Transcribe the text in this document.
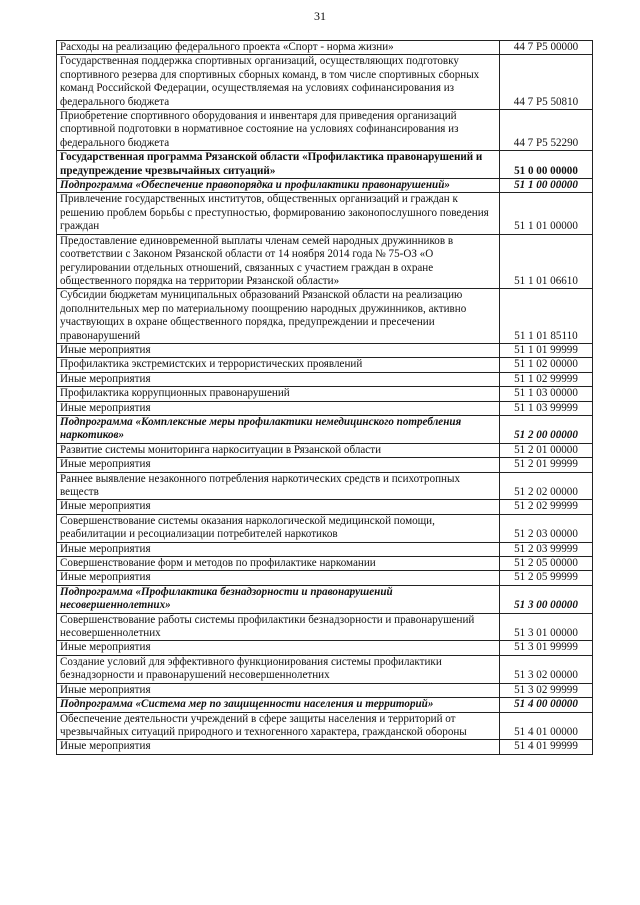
31
Расходы на реализацию федерального проекта «Спорт - норма жизни»	44 7 P5 00000
Государственная поддержка спортивных организаций, осуществляющих подготовку спортивного резерва для спортивных сборных команд, в том числе спортивных сборных команд Российской Федерации, осуществляемая на условиях софинансирования из федерального бюджета	44 7 P5 50810
Приобретение спортивного оборудования и инвентаря для приведения организаций спортивной подготовки в нормативное состояние на условиях софинансирования из федерального бюджета	44 7 P5 52290
Государственная программа Рязанской области «Профилактика правонарушений и предупреждение чрезвычайных ситуаций»	51 0 00 00000
Подпрограмма «Обеспечение правопорядка и профилактики правонарушений»	51 1 00 00000
Привлечение государственных институтов, общественных организаций и граждан к решению проблем борьбы с преступностью, формированию законопослушного поведения граждан	51 1 01 00000
Предоставление единовременной выплаты членам семей народных дружинников в соответствии с Законом Рязанской области от 14 ноября 2014 года № 75-ОЗ «О регулировании отдельных отношений, связанных с участием граждан в охране общественного порядка на территории Рязанской области»	51 1 01 06610
Субсидии бюджетам муниципальных образований Рязанской области на реализацию дополнительных мер по материальному поощрению народных дружинников, активно участвующих в охране общественного порядка, предупреждении и пресечении правонарушений	51 1 01 85110
Иные мероприятия	51 1 01 99999
Профилактика экстремистских и террористических проявлений	51 1 02 00000
Иные мероприятия	51 1 02 99999
Профилактика коррупционных правонарушений	51 1 03 00000
Иные мероприятия	51 1 03 99999
Подпрограмма «Комплексные меры профилактики немедицинского потребления наркотиков»	51 2 00 00000
Развитие системы мониторинга наркоситуации в Рязанской области	51 2 01 00000
Иные мероприятия	51 2 01 99999
Раннее выявление незаконного потребления наркотических средств и психотропных веществ	51 2 02 00000
Иные мероприятия	51 2 02 99999
Совершенствование системы оказания наркологической медицинской помощи, реабилитации и ресоциализации потребителей наркотиков	51 2 03 00000
Иные мероприятия	51 2 03 99999
Совершенствование форм и методов по профилактике наркомании	51 2 05 00000
Иные мероприятия	51 2 05 99999
Подпрограмма «Профилактика безнадзорности и правонарушений несовершеннолетних»	51 3 00 00000
Совершенствование работы системы профилактики безнадзорности и правонарушений несовершеннолетних	51 3 01 00000
Иные мероприятия	51 3 01 99999
Создание условий для эффективного функционирования системы профилактики безнадзорности и правонарушений несовершеннолетних	51 3 02 00000
Иные мероприятия	51 3 02 99999
Подпрограмма «Система мер по защищенности населения и территорий»	51 4 00 00000
Обеспечение деятельности учреждений в сфере защиты населения и территорий от чрезвычайных ситуаций природного и техногенного характера, гражданской обороны	51 4 01 00000
Иные мероприятия	51 4 01 99999
